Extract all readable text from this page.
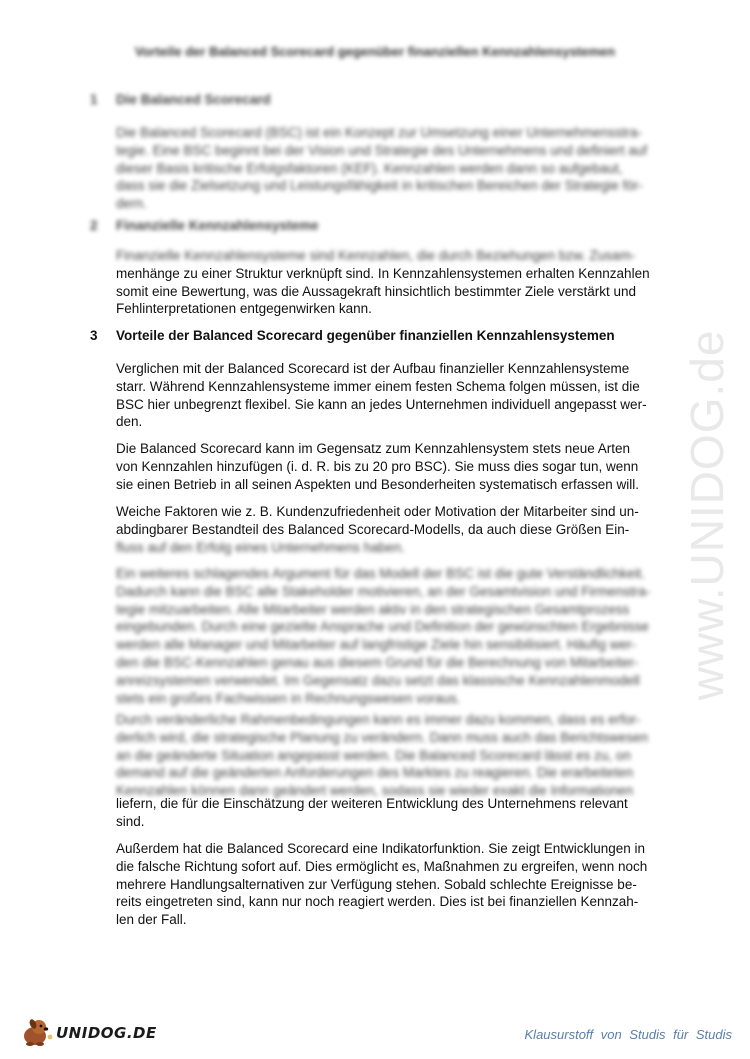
Vorteile der Balanced Scorecard gegenüber finanziellen Kennzahlensystemen
1 Die Balanced Scorecard
Die Balanced Scorecard (BSC) ist ein Konzept zur Umsetzung einer Unternehmensstra-
tegie. Eine BSC beginnt bei der Vision und Strategie des Unternehmens und definiert auf
dieser Basis kritische Erfolgsfaktoren (KEF). Kennzahlen werden dann so aufgebaut,
dass sie die Zielsetzung und Leistungsfähigkeit in kritischen Bereichen der Strategie för-
dern.
2 Finanzielle Kennzahlensysteme
Finanzielle Kennzahlensysteme sind Kennzahlen, die durch Beziehungen bzw. Zusam-
menhänge zu einer Struktur verknüpft sind. In Kennzahlensystemen erhalten Kennzahlen
somit eine Bewertung, was die Aussagekraft hinsichtlich bestimmter Ziele verstärkt und
Fehlinterpretationen entgegenwirken kann.
3 Vorteile der Balanced Scorecard gegenüber finanziellen Kennzahlensystemen
Verglichen mit der Balanced Scorecard ist der Aufbau finanzieller Kennzahlensysteme
starr. Während Kennzahlensysteme immer einem festen Schema folgen müssen, ist die
BSC hier unbegrenzt flexibel. Sie kann an jedes Unternehmen individuell angepasst wer-
den.
Die Balanced Scorecard kann im Gegensatz zum Kennzahlensystem stets neue Arten
von Kennzahlen hinzufügen (i. d. R. bis zu 20 pro BSC). Sie muss dies sogar tun, wenn
sie einen Betrieb in all seinen Aspekten und Besonderheiten systematisch erfassen will.
Weiche Faktoren wie z. B. Kundenzufriedenheit oder Motivation der Mitarbeiter sind un-
abdingbarer Bestandteil des Balanced Scorecard-Modells, da auch diese Größen Ein-
fluss auf den Erfolg eines Unternehmens haben.
Ein weiteres schlagendes Argument für das Modell der BSC ist die gute Verständlichkeit.
Dadurch kann die BSC alle Stakeholder motivieren, an der Gesamtvision und Firmenstra-
tegie mitzuarbeiten. Alle Mitarbeiter werden aktiv in den strategischen Gesamtprozess
eingebunden. Durch eine gezielte Ansprache und Definition der gewünschten Ergebnisse
werden alle Manager und Mitarbeiter auf langfristige Ziele hin sensibilisiert. Häufig wer-
den die BSC-Kennzahlen genau aus diesem Grund für die Berechnung von Mitarbeiter-
anreizsystemen verwendet. Im Gegensatz dazu setzt das klassische Kennzahlenmodell
stets ein großes Fachwissen in Rechnungswesen voraus.
Durch veränderliche Rahmenbedingungen kann es immer dazu kommen, dass es erfor-
derlich wird, die strategische Planung zu verändern. Dann muss auch das Berichtswesen
an die geänderte Situation angepasst werden. Die Balanced Scorecard lässt es zu, on
demand auf die geänderten Anforderungen des Marktes zu reagieren. Die erarbeiteten
Kennzahlen können dann geändert werden, sodass sie wieder exakt die Informationen
liefern, die für die Einschätzung der weiteren Entwicklung des Unternehmens relevant
sind.
Außerdem hat die Balanced Scorecard eine Indikatorfunktion. Sie zeigt Entwicklungen in
die falsche Richtung sofort auf. Dies ermöglicht es, Maßnahmen zu ergreifen, wenn noch
mehrere Handlungsalternativen zur Verfügung stehen. Sobald schlechte Ereignisse be-
reits eingetreten sind, kann nur noch reagiert werden. Dies ist bei finanziellen Kennzah-
len der Fall.
www.UNIDOG.de
UNIDOG.DE	Klausurstoff von Studis für Studis
